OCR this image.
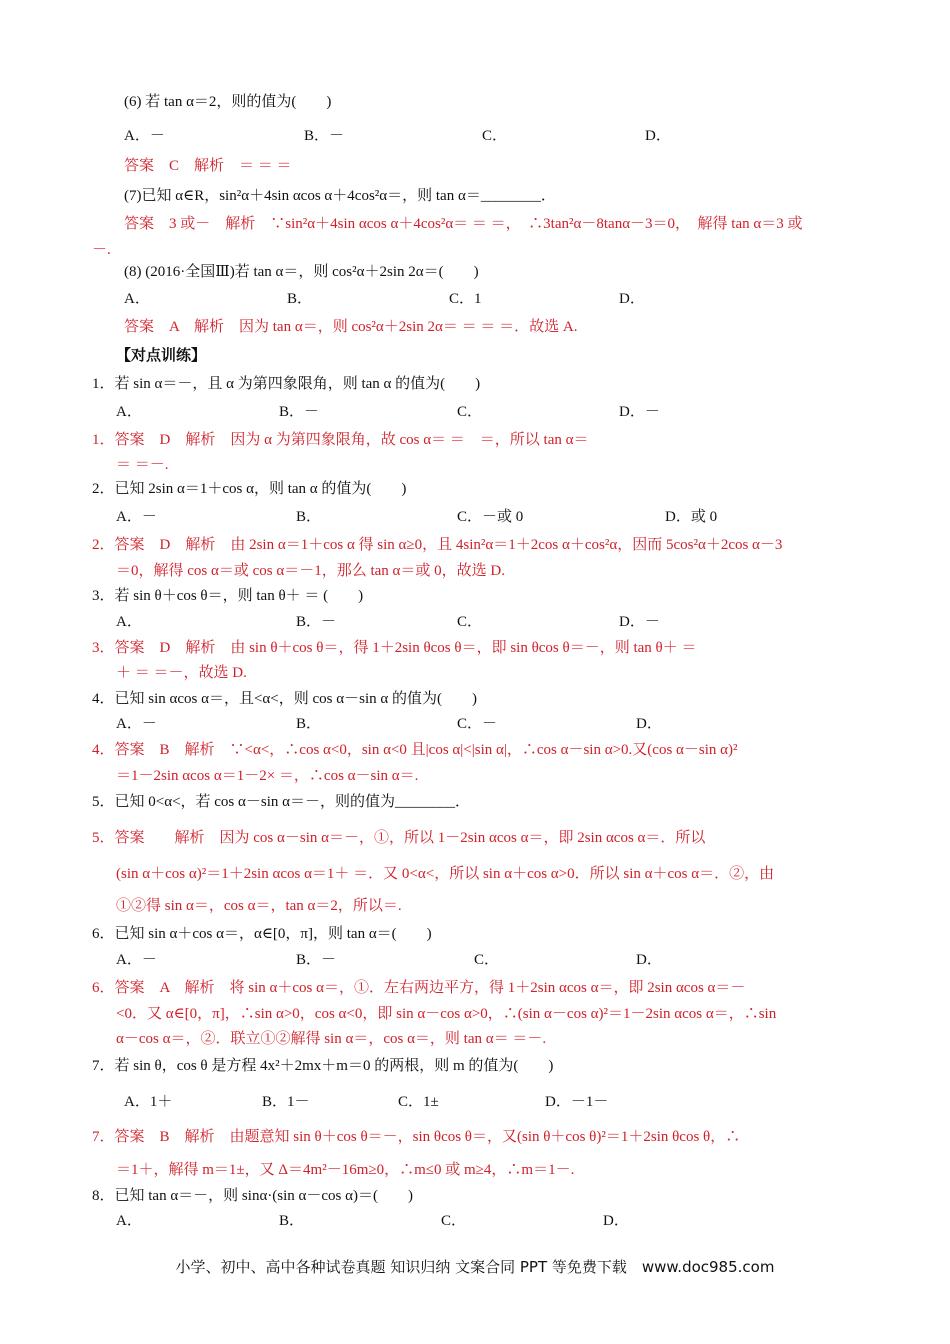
(6) 若 tan α＝2，则的值为(　　)
A．－	B．－	C．	D．
答案　C　解析　＝ ＝ ＝
(7)已知 α∈R，sin²α＋4sin αcos α＋4cos²α＝，则 tan α＝________．
答案　3 或－　解析　∵sin²α＋4sin αcos α＋4cos²α＝ ＝ ＝，　∴3tan²α－8tanα－3＝0，　解得 tan α＝3 或
－.
(8) (2016·全国Ⅲ)若 tan α＝，则 cos²α＋2sin 2α＝(　　)
A．	B．	C．1	D．
答案　A　解析　因为 tan α＝，则 cos²α＋2sin 2α＝ ＝ ＝ ＝．故选 A.
【对点训练】
1．若 sin α＝－，且 α 为第四象限角，则 tan α 的值为(　　)
A．	B．－	C．	D．－
1．答案　D　解析　因为 α 为第四象限角，故 cos α＝ ＝　＝，所以 tan α＝
＝ ＝－.
2．已知 2sin α＝1＋cos α，则 tan α 的值为(　　)
A．－	B．	C．－或 0	D．或 0
2．答案　D　解析　由 2sin α＝1＋cos α 得 sin α≥0，且 4sin²α＝1＋2cos α＋cos²α，因而 5cos²α＋2cos α－3
＝0，解得 cos α＝或 cos α＝－1，那么 tan α＝或 0，故选 D.
3．若 sin θ＋cos θ＝，则 tan θ＋ ＝ (　　)
A．	B．－	C．	D．－
3．答案　D　解析　由 sin θ＋cos θ＝，得 1＋2sin θcos θ＝，即 sin θcos θ＝－，则 tan θ＋ ＝
＋ ＝ ＝－，故选 D.
4．已知 sin αcos α＝，且<α<，则 cos α－sin α 的值为(　　)
A．－	B．	C．－	D．
4．答案　B　解析　∵<α<，∴cos α<0，sin α<0 且|cos α|<|sin α|，∴cos α－sin α>0.又(cos α－sin α)²
＝1－2sin αcos α＝1－2× ＝，∴cos α－sin α＝.
5．已知 0<α<，若 cos α－sin α＝－，则的值为________．
5．答案　　解析　因为 cos α－sin α＝－，①，所以 1－2sin αcos α＝，即 2sin αcos α＝．所以
(sin α＋cos α)²＝1＋2sin αcos α＝1＋ ＝．又 0<α<，所以 sin α＋cos α>0．所以 sin α＋cos α＝．②，由
①②得 sin α＝，cos α＝，tan α＝2，所以＝.
6．已知 sin α＋cos α＝，α∈[0，π]，则 tan α＝(　　)
A．－	B．－	C．	D．
6．答案　A　解析　将 sin α＋cos α＝，①．左右两边平方，得 1＋2sin αcos α＝，即 2sin αcos α＝－
<0．又 α∈[0，π]，∴sin α>0，cos α<0，即 sin α－cos α>0，∴(sin α－cos α)²＝1－2sin αcos α＝，∴sin
α－cos α＝，②．联立①②解得 sin α＝，cos α＝，则 tan α＝ ＝－.
7．若 sin θ，cos θ 是方程 4x²＋2mx＋m＝0 的两根，则 m 的值为(　　)
A．1＋	B．1－	C．1±	D．－1－
7．答案　B　解析　由题意知 sin θ＋cos θ＝－，sin θcos θ＝，又(sin θ＋cos θ)²＝1＋2sin θcos θ，∴
＝1＋，解得 m＝1±，又 Δ＝4m²－16m≥0，∴m≤0 或 m≥4，∴m＝1－.
8．已知 tan α＝－，则 sinα·(sin α－cos α)＝(　　)
A．	B．	C．	D．
小学、初中、高中各种试卷真题 知识归纳 文案合同 PPT 等免费下载　www.doc985.com
